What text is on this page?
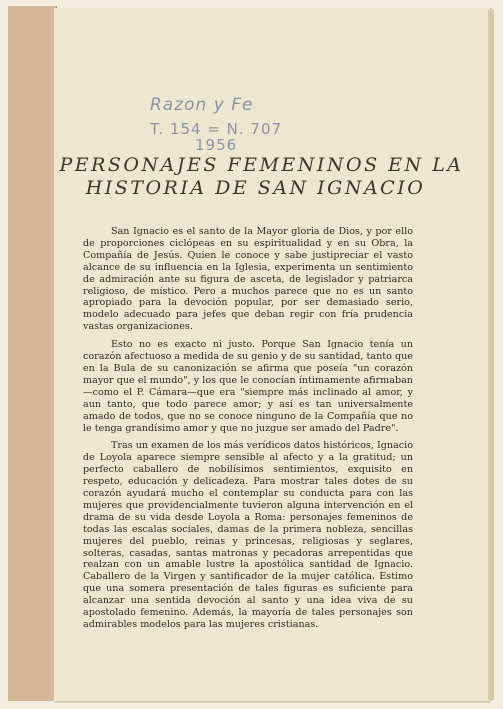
Razon y Fe
T. 154 = N. 707
1956
PERSONAJES FEMENINOS EN LA
HISTORIA DE SAN IGNACIO

San Ignacio es el santo de la Mayor gloria de Dios, y por ello de proporciones ciclópeas en su espiritualidad y en su Obra, la Compañía de Jesús. Quien le conoce y sabe justipreciar el vasto alcance de su influencia en la Iglesia, experimenta un sentimiento de admiración ante su figura de asceta, de legislador y patriarca religioso, de místico. Pero a muchos parece que no es un santo apropiado para la devoción popular, por ser demasiado serio, modelo adecuado para jefes que deban regir con fría prudencia vastas organizaciones.

Esto no es exacto ni justo. Porque San Ignacio tenía un corazón afectuoso a medida de su genio y de su santidad, tanto que en la Bula de su canonización se afirma que poseía "un corazón mayor que el mundo", y los que le conocían íntimamente afirmaban—como el P. Cámara—que era "siempre más inclinado al amor, y aun tanto, que todo parece amor; y así es tan universalmente amado de todos, que no se conoce ninguno de la Compañía que no le tenga grandísimo amor y que no juzgue ser amado del Padre".

Tras un examen de los más verídicos datos históricos, Ignacio de Loyola aparece siempre sensible al afecto y a la gratitud; un perfecto caballero de nobilísimos sentimientos, exquisito en respeto, educación y delicadeza. Para mostrar tales dotes de su corazón ayudará mucho el contemplar su conducta para con las mujeres que providencialmente tuvieron alguna intervención en el drama de su vida desde Loyola a Roma: personajes femeninos de todas las escalas sociales, damas de la primera nobleza, sencillas mujeres del pueblo, reinas y princesas, religiosas y seglares, solteras, casadas, santas matronas y pecadoras arrepentidas que realzan con un amable lustre la apostólica santidad de Ignacio. Caballero de la Virgen y santificador de la mujer católica. Estimo que una somera presentación de tales figuras es suficiente para alcanzar una sentida devoción al santo y una idea viva de su apostolado femenino. Además, la mayoría de tales personajes son admirables modelos para las mujeres cristianas.
